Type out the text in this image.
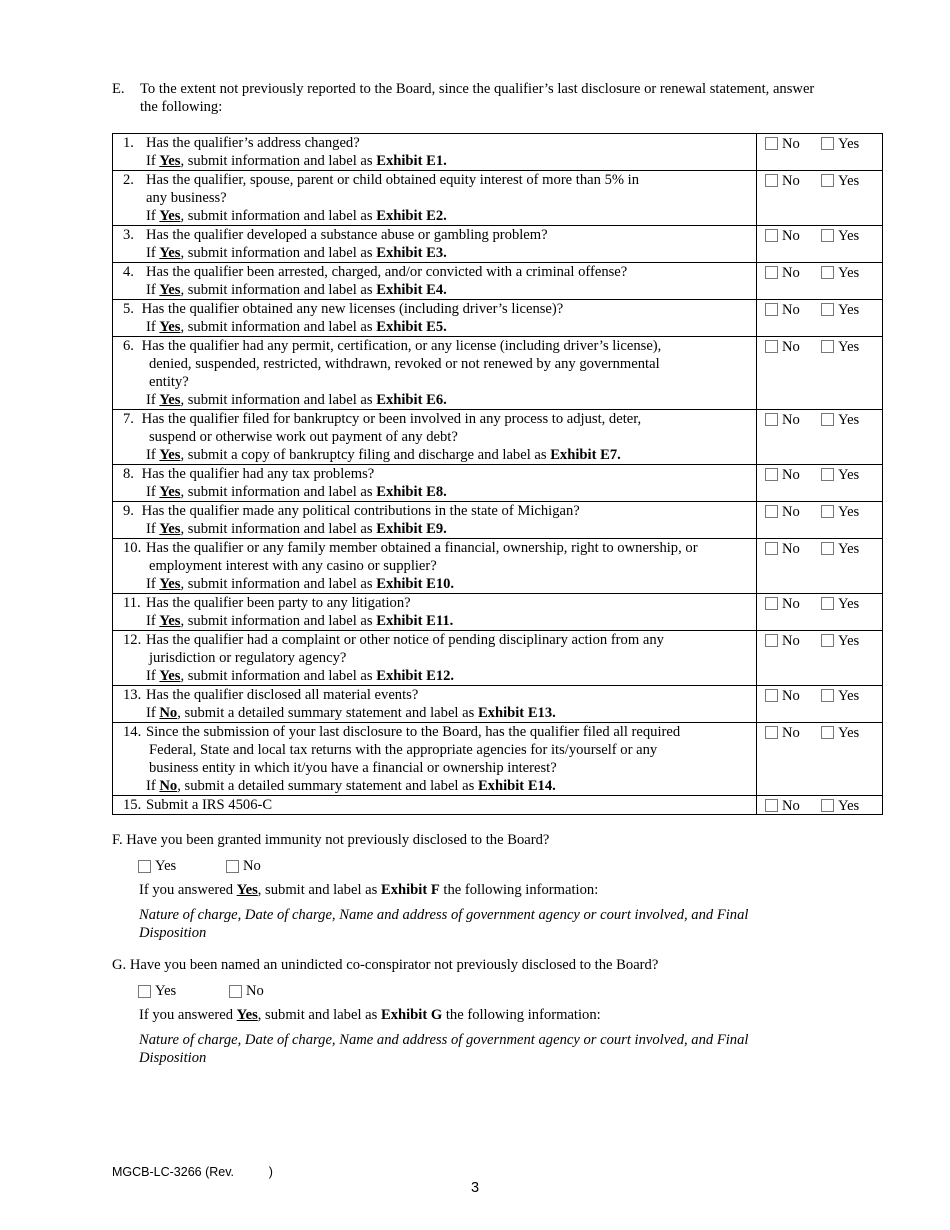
E. To the extent not previously reported to the Board, since the qualifier’s last disclosure or renewal statement, answer the following:
1. Has the qualifier’s address changed?
If Yes, submit information and label as Exhibit E1.	No Yes

2. Has the qualifier, spouse, parent or child obtained equity interest of more than 5% in
any business?
If Yes, submit information and label as Exhibit E2.	No Yes

3. Has the qualifier developed a substance abuse or gambling problem?
If Yes, submit information and label as Exhibit E3.	No Yes

4. Has the qualifier been arrested, charged, and/or convicted with a criminal offense?
If Yes, submit information and label as Exhibit E4.	No Yes

5. Has the qualifier obtained any new licenses (including driver’s license)?
If Yes, submit information and label as Exhibit E5.	No Yes

6. Has the qualifier had any permit, certification, or any license (including driver’s license),
denied, suspended, restricted, withdrawn, revoked or not renewed by any governmental
entity?
If Yes, submit information and label as Exhibit E6.	No Yes

7. Has the qualifier filed for bankruptcy or been involved in any process to adjust, deter,
suspend or otherwise work out payment of any debt?
If Yes, submit a copy of bankruptcy filing and discharge and label as Exhibit E7.	No Yes

8. Has the qualifier had any tax problems?
If Yes, submit information and label as Exhibit E8.	No Yes

9. Has the qualifier made any political contributions in the state of Michigan?
If Yes, submit information and label as Exhibit E9.	No Yes

10. Has the qualifier or any family member obtained a financial, ownership, right to ownership, or
employment interest with any casino or supplier?
If Yes, submit information and label as Exhibit E10.	No Yes

11. Has the qualifier been party to any litigation?
If Yes, submit information and label as Exhibit E11.	No Yes

12. Has the qualifier had a complaint or other notice of pending disciplinary action from any
jurisdiction or regulatory agency?
If Yes, submit information and label as Exhibit E12.	No Yes

13. Has the qualifier disclosed all material events?
If No, submit a detailed summary statement and label as Exhibit E13.	No Yes

14. Since the submission of your last disclosure to the Board, has the qualifier filed all required
Federal, State and local tax returns with the appropriate agencies for its/yourself or any
business entity in which it/you have a financial or ownership interest?
If No, submit a detailed summary statement and label as Exhibit E14.	No Yes

15. Submit a IRS 4506-C	No Yes
F. Have you been granted immunity not previously disclosed to the Board?
Yes	No
If you answered Yes, submit and label as Exhibit F the following information:
Nature of charge, Date of charge, Name and address of government agency or court involved, and Final Disposition
G. Have you been named an unindicted co-conspirator not previously disclosed to the Board?
Yes	No
If you answered Yes, submit and label as Exhibit G the following information:
Nature of charge, Date of charge, Name and address of government agency or court involved, and Final Disposition
MGCB-LC-3266 (Rev.          )
3
